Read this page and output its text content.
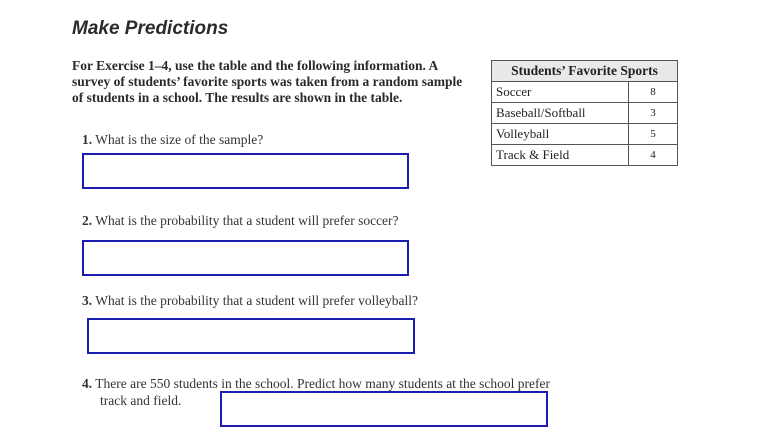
Make Predictions
For Exercise 1–4, use the table and the following information. A survey of students’ favorite sports was taken from a random sample of students in a school. The results are shown in the table.
Students’ Favorite Sports	
Soccer	8
Baseball/Softball	3
Volleyball	5
Track & Field	4
1. What is the size of the sample?
2. What is the probability that a student will prefer soccer?
3. What is the probability that a student will prefer volleyball?
4. There are 550 students in the school. Predict how many students at the school prefer
track and field.
